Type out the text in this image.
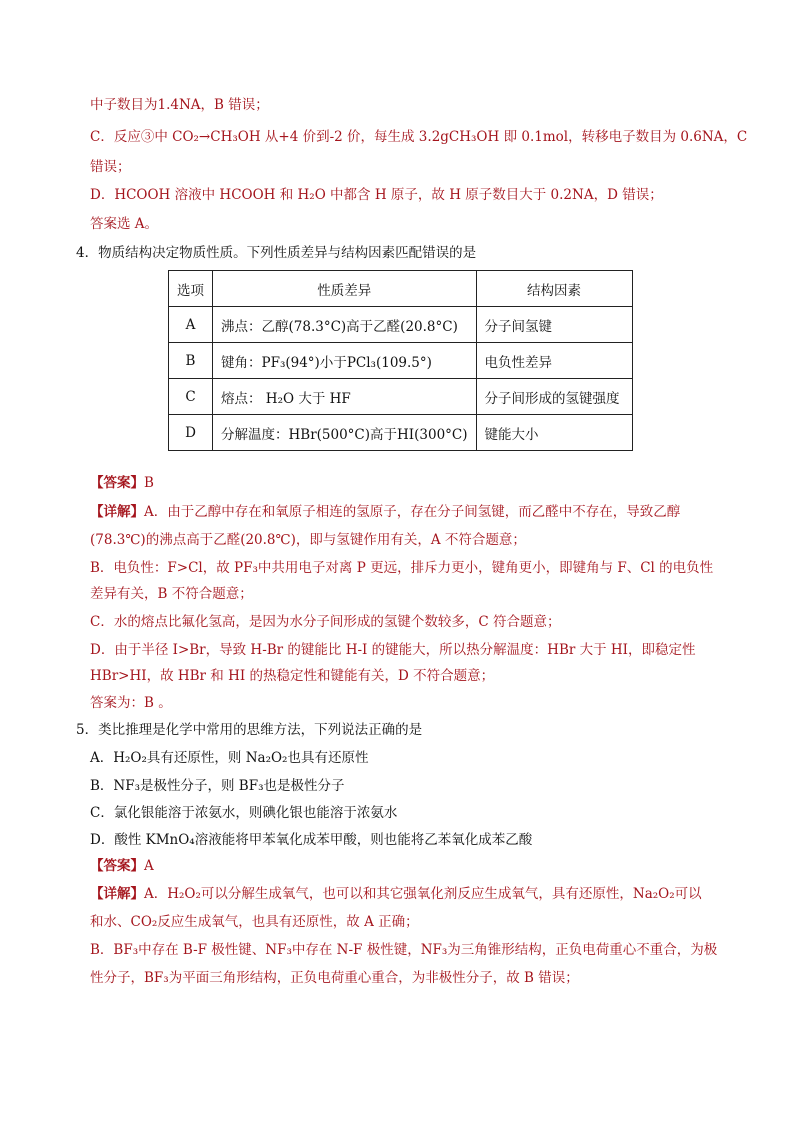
中子数目为1.4NA，B 错误；
C．反应③中 CO₂→CH₃OH 从+4 价到-2 价，每生成 3.2gCH₃OH 即 0.1mol，转移电子数目为 0.6NA，C
错误；
D．HCOOH 溶液中 HCOOH 和 H₂O 中都含 H 原子，故 H 原子数目大于 0.2NA，D 错误；
答案选 A。
4．物质结构决定物质性质。下列性质差异与结构因素匹配错误的是
(78.3℃)的沸点高于乙醛(20.8℃)，即与氢键作用有关，A 不符合题意；
B．电负性：F>Cl，故 PF₃中共用电子对离 P 更远，排斥力更小，键角更小，即键角与 F、Cl 的电负性
差异有关，B 不符合题意；
C．水的熔点比氟化氢高，是因为水分子间形成的氢键个数较多，C 符合题意；
D．由于半径 I>Br，导致 H-Br 的键能比 H-I 的键能大，所以热分解温度：HBr 大于 HI，即稳定性
HBr>HI，故 HBr 和 HI 的热稳定性和键能有关，D 不符合题意；
答案为：B 。
5．类比推理是化学中常用的思维方法，下列说法正确的是
A．H₂O₂具有还原性，则 Na₂O₂也具有还原性
B．NF₃是极性分子，则 BF₃也是极性分子
C．氯化银能溶于浓氨水，则碘化银也能溶于浓氨水
D．酸性 KMnO₄溶液能将甲苯氧化成苯甲酸，则也能将乙苯氧化成苯乙酸
和水、CO₂反应生成氧气，也具有还原性，故 A 正确；
B．BF₃中存在 B-F 极性键、NF₃中存在 N-F 极性键，NF₃为三角锥形结构，正负电荷重心不重合，为极
性分子，BF₃为平面三角形结构，正负电荷重心重合，为非极性分子，故 B 错误；
选项	性质差异	结构因素
A	沸点：乙醇(78.3°C)高于乙醛(20.8°C)	分子间氢键
B	键角：PF₃(94°)小于PCl₃(109.5°)	电负性差异
C	熔点： H₂O 大于 HF	分子间形成的氢键强度
D	分解温度：HBr(500°C)高于HI(300°C)	键能大小
【答案】B
【详解】A．由于乙醇中存在和氧原子相连的氢原子，存在分子间氢键，而乙醛中不存在，导致乙醇
【答案】A
【详解】A．H₂O₂可以分解生成氧气，也可以和其它强氧化剂反应生成氧气，具有还原性，Na₂O₂可以
